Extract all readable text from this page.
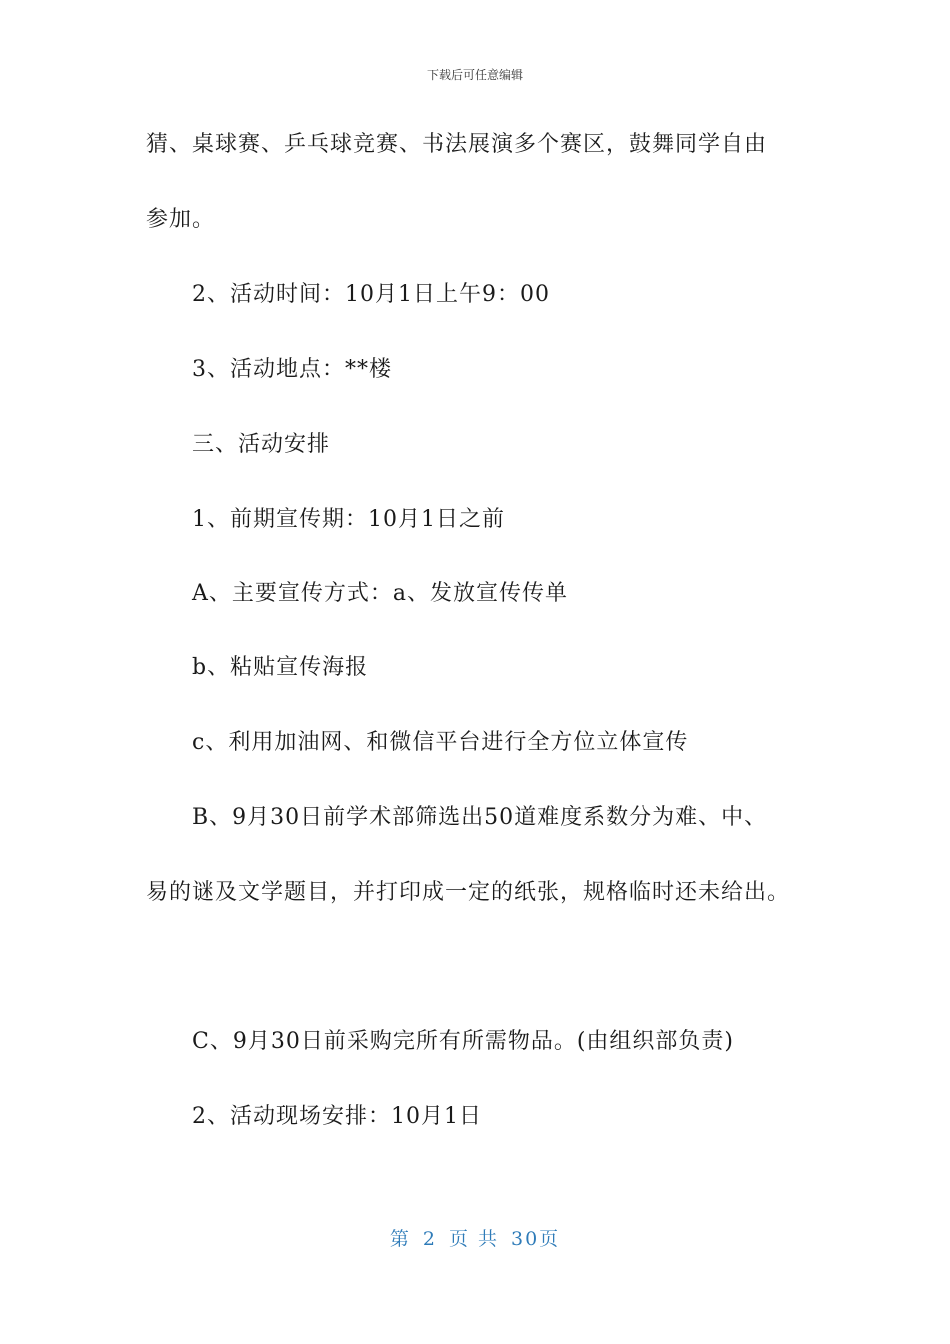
下载后可任意编辑
猜、桌球赛、乒乓球竞赛、书法展演多个赛区，鼓舞同学自由
参加。
2、活动时间：10月1日上午9：00
3、活动地点：**楼
三、活动安排
1、前期宣传期：10月1日之前
A、主要宣传方式：a、发放宣传传单
b、粘贴宣传海报
c、利用加油网、和微信平台进行全方位立体宣传
B、9月30日前学术部筛选出50道难度系数分为难、中、
易的谜及文学题目，并打印成一定的纸张，规格临时还未给出。
C、9月30日前采购完所有所需物品。(由组织部负责)
2、活动现场安排：10月1日
第 2 页 共 30页
